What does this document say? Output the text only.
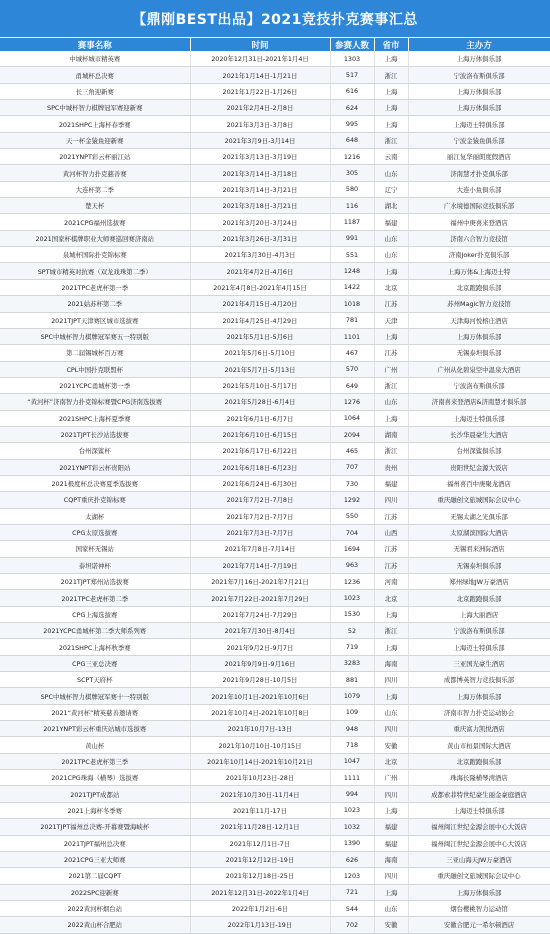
【鼎刚BEST出品】2021竞技扑克赛事汇总
赛事名称	时间	参赛人数	省市	主办方
中城杯城市精英赛	2020年12月31日-2021年1月4日	1303	上海	上海万体俱乐部
甬城杯总决赛	2021年1月14日-1月21日	517	浙江	宁波洛布斯俱乐部
长三角迎新赛	2021年1月22日-1月26日	616	上海	上海万体俱乐部
SPC中城杯智力棋牌冠军赛迎新赛	2021年2月4日-2月8日	624	上海	上海万体俱乐部
2021SHPC上海杯春季赛	2021年3月3日-3月8日	995	上海	上海迈士特俱乐部
天一杯金猿鱼迎新赛	2021年3月9日-3月14日	648	浙江	宁波金猿鱼俱乐部
2021YNPT彩云杯丽江站	2021年3月13日-3月19日	1216	云南	丽江复华丽朗度假酒店
黄河杯智力扑克慈善赛	2021年3月14日-3月18日	305	山东	济南慧才扑克俱乐部
大连杯第二季	2021年3月14日-3月21日	580	辽宁	大连小鱼俱乐部
楚天杯	2021年3月18日-3月21日	116	湖北	广水境德国际竞技俱乐部
2021CPG福州选拔赛	2021年3月20日-3月24日	1187	福建	福州中庚喜来登酒店
2021国家杯棋牌职业大师赛巡回赛济南站	2021年3月26日-3月31日	991	山东	济南六合智力竞技馆
泉城杯国际扑克锦标赛	2021年3月30日-4月3日	551	山东	济南Joker扑克俱乐部
SPT城市精英对抗赛（双龙戏珠第二季）	2021年4月2日-4月6日	1248	上海	上海万体&上海迈士特
2021TPC老虎杯第一季	2021年4月8日-2021年4月15日	1422	北京	北京跑跑俱乐部
2021姑苏杯第二季	2021年4月15日-4月20日	1018	江苏	苏州Magic智力竞技馆
2021TJPT天津赛区城市选拔赛	2021年4月25日-4月29日	781	天津	天津海河悦榕庄酒店
SPC中城杯智力棋牌冠军赛五一特别版	2021年5月1日-5月6日	1101	上海	上海万体俱乐部
第二届锡城杯百万赛	2021年5月6日-5月10日	467	江苏	无锡泰坦俱乐部
CPL中国扑克联盟杯	2021年5月7日-5月13日	570	广州	广州从化碧泉空中温泉大酒店
2021YCPC甬城杯第一季	2021年5月10日-5月17日	649	浙江	宁波洛布斯俱乐部
“黄河杯”济南智力扑克锦标赛暨CPG济南选拔赛	2021年5月28日-6月4日	1276	山东	济南喜来登酒店&济南慧才俱乐部
2021SHPC上海杯夏季赛	2021年6月1日-6月7日	1064	上海	上海迈士特俱乐部
2021TJPT长沙站选拔赛	2021年6月10日-6月15日	2094	湖南	长沙华晨豪生大酒店
台州深鲨杯	2021年6月17日-6月22日	465	浙江	台州深鲨俱乐部
2021YNPT彩云杯贵阳站	2021年6月18日-6月23日	707	贵州	贵阳世纪金源大饭店
2021极度杯总决赛夏季选拔赛	2021年6月24日-6月30日	730	福建	福州喜百中庚聚龙酒店
CQPT重庆扑克锦标赛	2021年7月2日-7月8日	1292	四川	重庆融创文旅城国际会议中心
太湖杯	2021年7月2日-7月7日	550	江苏	无锡太湖之光俱乐部
CPG太原选拔赛	2021年7月3日-7月7日	704	山西	太原湖滨国际大酒店
国家杯无锡站	2021年7月8日-7月14日	1694	江苏	无锡君来洲际酒店
泰坦诺神杯	2021年7月14日-7月19日	963	江苏	无锡泰坦俱乐部
2021TJPT郑州站选拔赛	2021年7月16日-2021年7月21日	1236	河南	郑州绿地JW万豪酒店
2021TPC老虎杯第二季	2021年7月22日-2021年7月29日	1023	北京	北京跑跑俱乐部
CPG上海选拔赛	2021年7月24日-7月29日	1530	上海	上海大丽酒店
2021YCPC甬城杯第二季大师系列赛	2021年7月30日-8月4日	52	浙江	宁波洛布斯俱乐部
2021SHPC上海杯秋季赛	2021年9月2日-9月7日	719	上海	上海迈士特俱乐部
CPG三亚总决赛	2021年9月9日-9月16日	3283	海南	三亚国光豪生酒店
SCPT天府杯	2021年9月28日-10月5日	881	四川	成都博英智力竞技俱乐部
SPC中城杯智力棋牌冠军赛十一特别版	2021年10月1日-2021年10月6日	1079	上海	上海万体俱乐部
2021“黄河杯”精英慈善邀请赛	2021年10月4日-2021年10月8日	109	山东	济南市智力扑克运动协会
2021YNPT彩云杯重庆站城市选拔赛	2021年10月7日-13日	948	四川	重庆富力凯悦酒店
黄山杯	2021年10月10日-10月15日	718	安徽	黄山市桓景国际大酒店
2021TPC老虎杯第三季	2021年10月14日-2021年10月21日	1047	北京	北京跑跑俱乐部
2021CPG珠海（横琴）选拔赛	2021年10月23日-28日	1111	广州	珠海长隆横琴湾酒店
2021TJPT成都站	2021年10月30日-11月4日	994	四川	成都索菲特世纪豪生丽金豪庭酒店
2021上海杯冬季赛	2021年11月-17日	1023	上海	上海迈士特俱乐部
2021TJPT福州总决赛-开幕赛暨海峡杯	2021年11月28日-12月1日	1032	福建	福州闽江世纪金源会展中心大饭店
2021TJPT福州总决赛	2021年12月1日-7日	1390	福建	福州闽江世纪金源会展中心大饭店
2021CPG三亚大师赛	2021年12月12日-19日	626	海南	三亚山海天JW万豪酒店
2021第二届CQPT	2021年12月18日-25日	1203	四川	重庆融创文旅城国际会议中心
2022SPC迎新赛	2021年12月31日-2022年1月4日	721	上海	上海万体俱乐部
2022黄河杯烟台站	2022年1月2日-6日	544	山东	烟台樱桃智力运动馆
2022黄山杯合肥站	2022年1月13日-19日	702	安徽	安徽合肥元一希尔顿酒店
